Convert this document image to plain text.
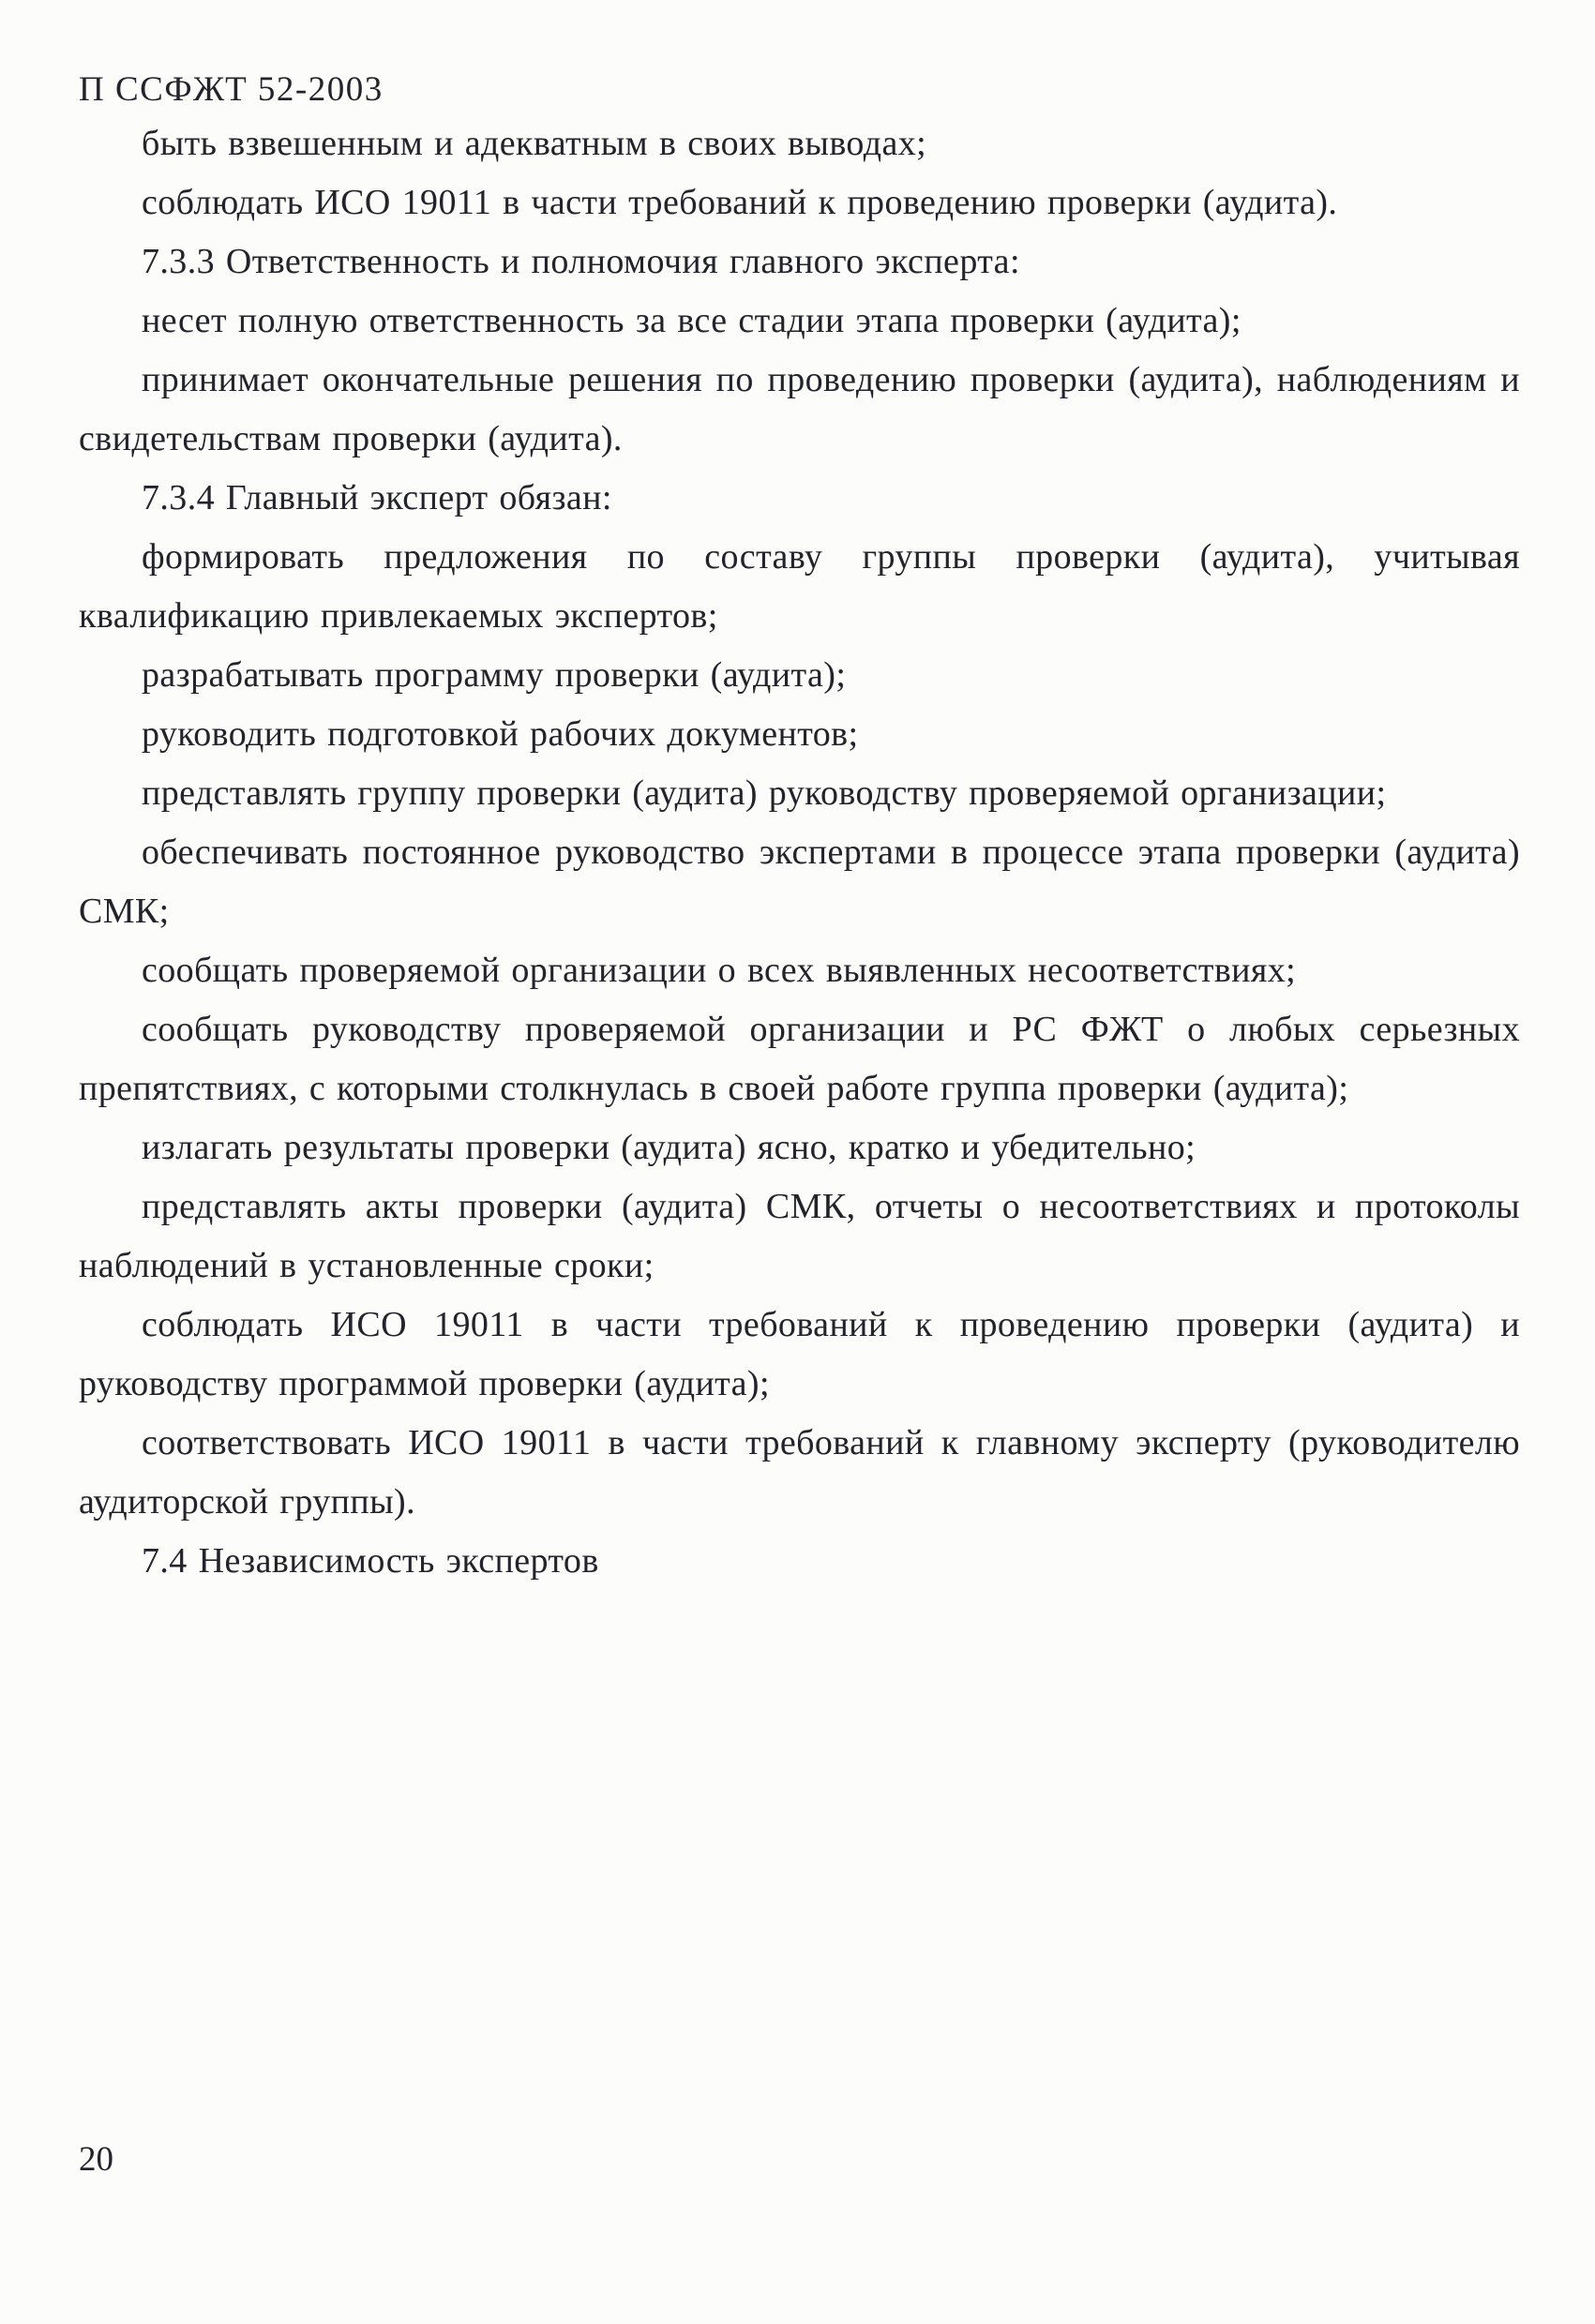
П ССФЖТ 52-2003

быть взвешенным и адекватным в своих выводах;

соблюдать ИСО 19011 в части требований к проведению проверки (аудита).

7.3.3 Ответственность и полномочия главного эксперта:

несет полную ответственность за все стадии этапа проверки (аудита);

принимает окончательные решения по проведению проверки (аудита), наблюдениям и свидетельствам проверки (аудита).

7.3.4 Главный эксперт обязан:

формировать предложения по составу группы проверки (аудита), учитывая квалификацию привлекаемых экспертов;

разрабатывать программу проверки (аудита);

руководить подготовкой рабочих документов;

представлять группу проверки (аудита) руководству проверяемой организации;

обеспечивать постоянное руководство экспертами в процессе этапа проверки (аудита) СМК;

сообщать проверяемой организации о всех выявленных несоответствиях;

сообщать руководству проверяемой организации и РС ФЖТ о любых серьезных препятствиях, с которыми столкнулась в своей работе группа проверки (аудита);

излагать результаты проверки (аудита) ясно, кратко и убедительно;

представлять акты проверки (аудита) СМК, отчеты о несоответствиях и протоколы наблюдений в установленные сроки;

соблюдать ИСО 19011 в части требований к проведению проверки (аудита) и руководству программой проверки (аудита);

соответствовать ИСО 19011 в части требований к главному эксперту (руководителю аудиторской группы).

7.4 Независимость экспертов

20
